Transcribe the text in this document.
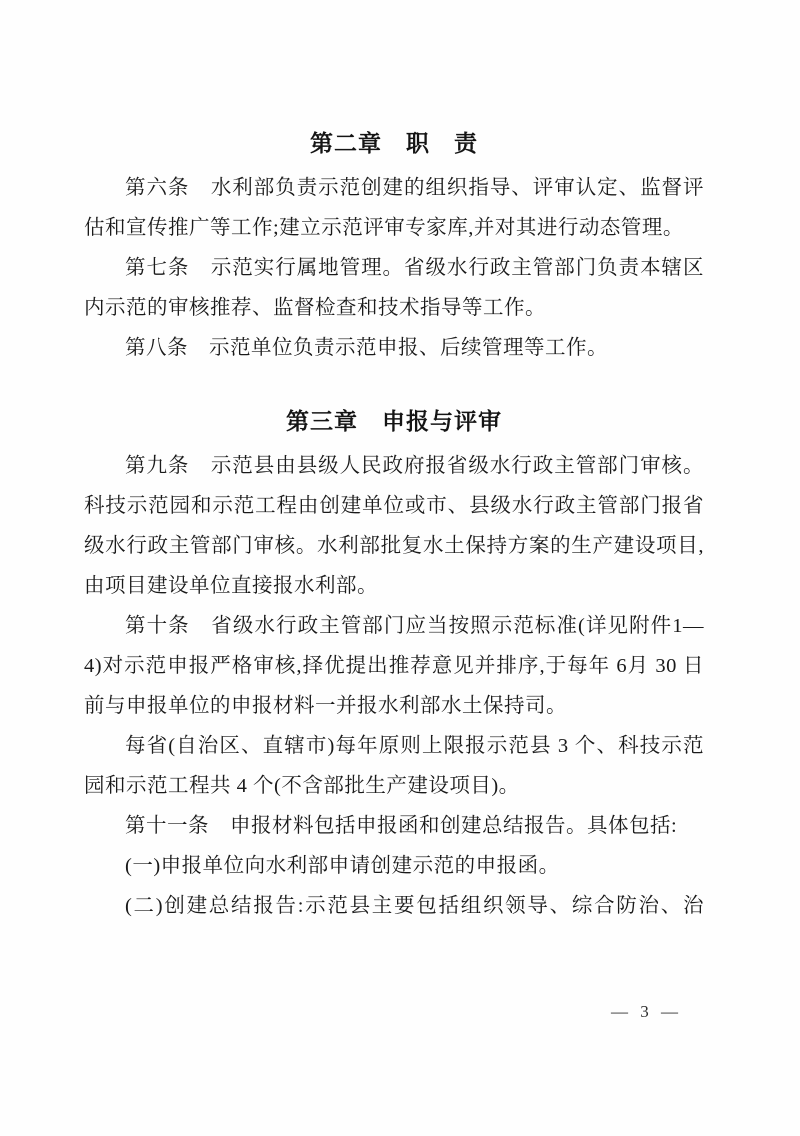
第二章　职　责

第六条　水利部负责示范创建的组织指导、评审认定、监督评估和宣传推广等工作;建立示范评审专家库,并对其进行动态管理。

第七条　示范实行属地管理。省级水行政主管部门负责本辖区内示范的审核推荐、监督检查和技术指导等工作。

第八条　示范单位负责示范申报、后续管理等工作。

第三章　申报与评审

第九条　示范县由县级人民政府报省级水行政主管部门审核。科技示范园和示范工程由创建单位或市、县级水行政主管部门报省级水行政主管部门审核。水利部批复水土保持方案的生产建设项目,由项目建设单位直接报水利部。

第十条　省级水行政主管部门应当按照示范标准(详见附件1—4)对示范申报严格审核,择优提出推荐意见并排序,于每年 6月 30 日前与申报单位的申报材料一并报水利部水土保持司。

每省(自治区、直辖市)每年原则上限报示范县 3 个、科技示范园和示范工程共 4 个(不含部批生产建设项目)。

第十一条　申报材料包括申报函和创建总结报告。具体包括:

(一)申报单位向水利部申请创建示范的申报函。

(二)创建总结报告:示范县主要包括组织领导、综合防治、治

— 3 —
